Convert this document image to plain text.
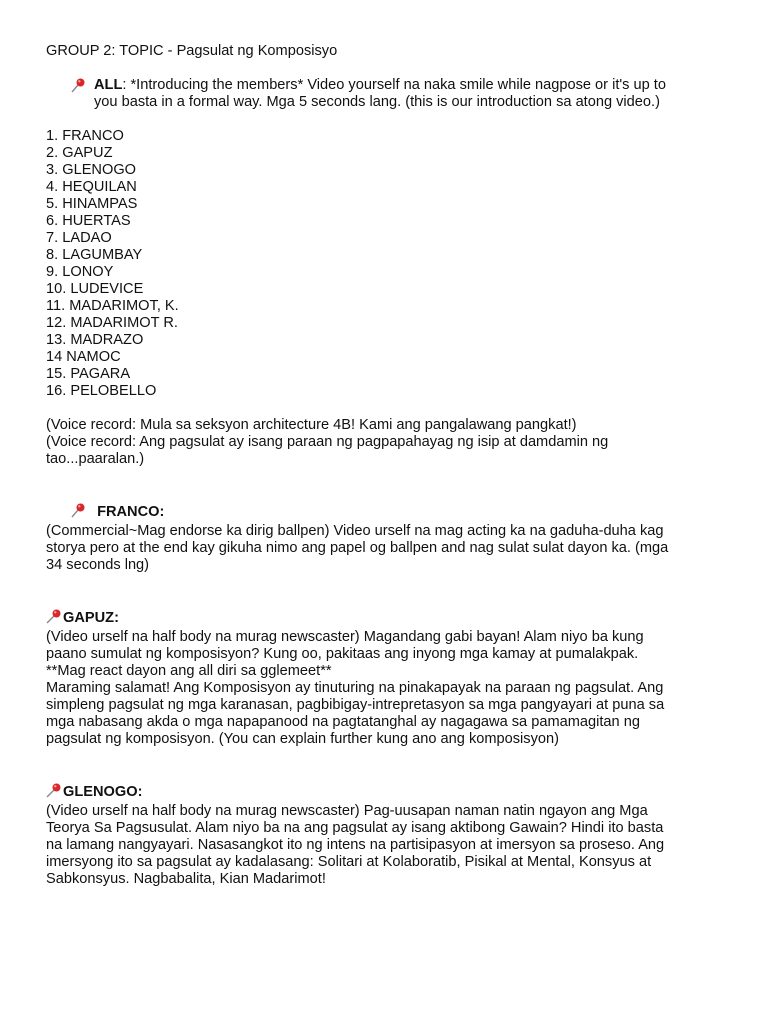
GROUP 2: TOPIC - Pagsulat ng Komposisyo
ALL: *Introducing the members* Video yourself na naka smile while nagpose or it's up to
you basta in a formal way. Mga 5 seconds lang. (this is our introduction sa atong video.)
1. FRANCO
2. GAPUZ
3. GLENOGO
4. HEQUILAN
5. HINAMPAS
6. HUERTAS
7. LADAO
8. LAGUMBAY
9. LONOY
10. LUDEVICE
11. MADARIMOT, K.
12. MADARIMOT R.
13. MADRAZO
14 NAMOC
15. PAGARA
16. PELOBELLO
(Voice record: Mula sa seksyon architecture 4B! Kami ang pangalawang pangkat!)
(Voice record: Ang pagsulat ay isang paraan ng pagpapahayag ng isip at damdamin ng
tao...paaralan.)
FRANCO:
(Commercial~Mag endorse ka dirig ballpen) Video urself na mag acting ka na gaduha-duha kag
storya pero at the end kay gikuha nimo ang papel og ballpen and nag sulat sulat dayon ka. (mga
34 seconds lng)
GAPUZ:
(Video urself na half body na murag newscaster) Magandang gabi bayan! Alam niyo ba kung
paano sumulat ng komposisyon? Kung oo, pakitaas ang inyong mga kamay at pumalakpak.
**Mag react dayon ang all diri sa gglemeet**
Maraming salamat! Ang Komposisyon ay tinuturing na pinakapayak na paraan ng pagsulat. Ang
simpleng pagsulat ng mga karanasan, pagbibigay-intrepretasyon sa mga pangyayari at puna sa
mga nabasang akda o mga napapanood na pagtatanghal ay nagagawa sa pamamagitan ng
pagsulat ng komposisyon. (You can explain further kung ano ang komposisyon)
GLENOGO:
(Video urself na half body na murag newscaster) Pag-uusapan naman natin ngayon ang Mga
Teorya Sa Pagsusulat. Alam niyo ba na ang pagsulat ay isang aktibong Gawain? Hindi ito basta
na lamang nangyayari. Nasasangkot ito ng intens na partisipasyon at imersyon sa proseso. Ang
imersyong ito sa pagsulat ay kadalasang: Solitari at Kolaboratib, Pisikal at Mental, Konsyus at
Sabkonsyus. Nagbabalita, Kian Madarimot!
